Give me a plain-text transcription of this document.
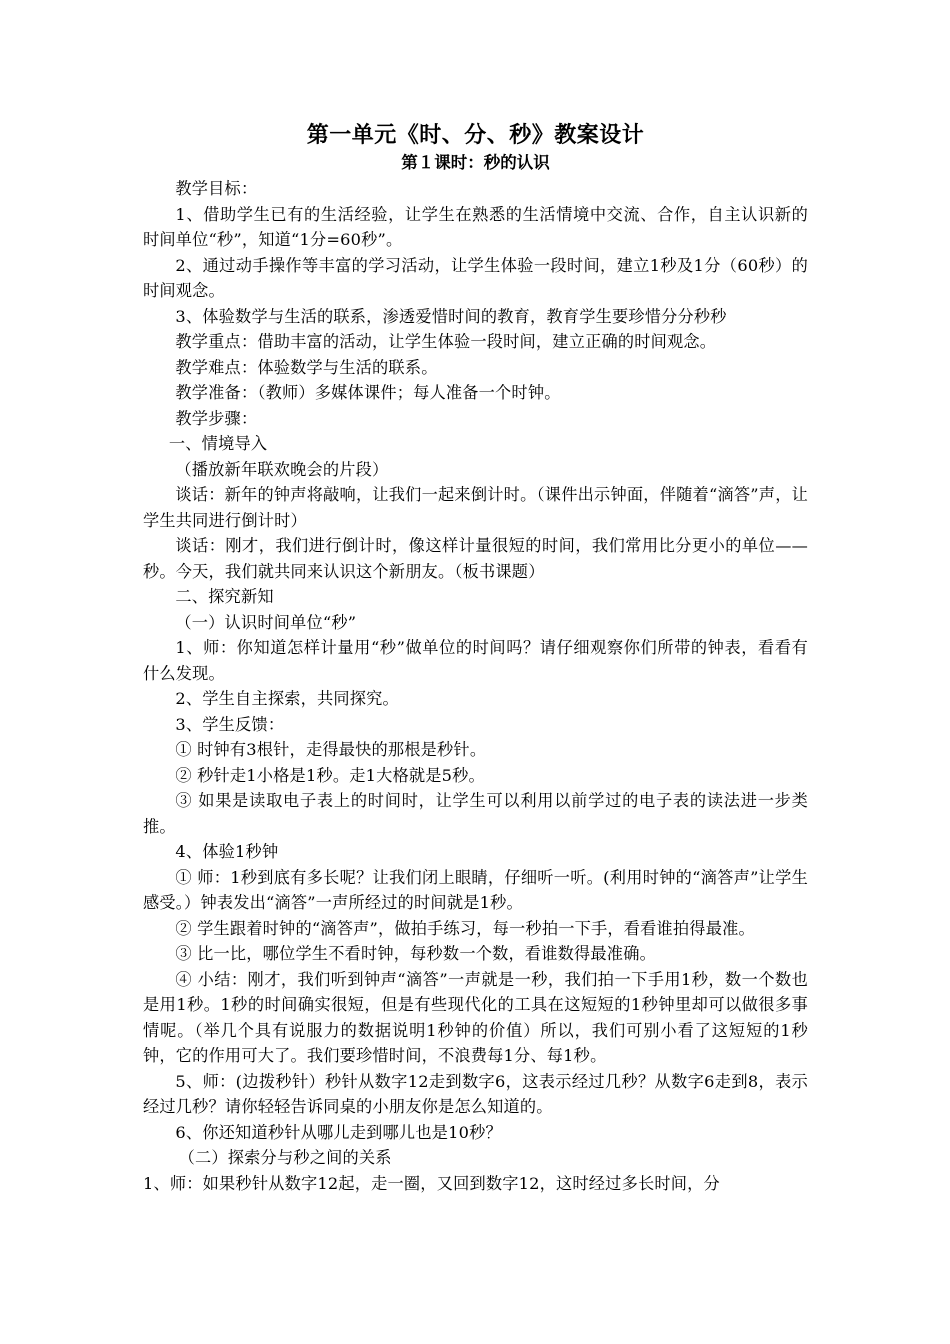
第一单元《时、分、秒》教案设计
第１课时：秒的认识

教学目标：

1、借助学生已有的生活经验，让学生在熟悉的生活情境中交流、合作，自主认识新的时间单位“秒”，知道“1分=60秒”。

2、通过动手操作等丰富的学习活动，让学生体验一段时间，建立1秒及1分（60秒）的时间观念。

3、体验数学与生活的联系，渗透爱惜时间的教育，教育学生要珍惜分分秒秒

教学重点：借助丰富的活动，让学生体验一段时间，建立正确的时间观念。

教学难点：体验数学与生活的联系。

教学准备：（教师）多媒体课件；每人准备一个时钟。

教学步骤：

一、情境导入

（播放新年联欢晚会的片段）

谈话：新年的钟声将敲响，让我们一起来倒计时。（课件出示钟面，伴随着“滴答”声，让学生共同进行倒计时）

谈话：刚才，我们进行倒计时，像这样计量很短的时间，我们常用比分更小的单位——秒。今天，我们就共同来认识这个新朋友。（板书课题）

二、探究新知

（一）认识时间单位“秒”

1、师：你知道怎样计量用“秒”做单位的时间吗？请仔细观察你们所带的钟表，看看有什么发现。

2、学生自主探索，共同探究。

3、学生反馈：

① 时钟有3根针，走得最快的那根是秒针。

② 秒针走1小格是1秒。走1大格就是5秒。

③ 如果是读取电子表上的时间时，让学生可以利用以前学过的电子表的读法进一步类推。

4、体验1秒钟

① 师：1秒到底有多长呢？让我们闭上眼睛，仔细听一听。(利用时钟的“滴答声”让学生感受。）钟表发出“滴答”一声所经过的时间就是1秒。

② 学生跟着时钟的“滴答声”，做拍手练习，每一秒拍一下手，看看谁拍得最准。

③ 比一比，哪位学生不看时钟，每秒数一个数，看谁数得最准确。

④ 小结：刚才，我们听到钟声“滴答”一声就是一秒，我们拍一下手用1秒，数一个数也是用1秒。1秒的时间确实很短，但是有些现代化的工具在这短短的1秒钟里却可以做很多事情呢。（举几个具有说服力的数据说明1秒钟的价值）所以，我们可别小看了这短短的1秒钟，它的作用可大了。我们要珍惜时间，不浪费每1分、每1秒。

5、师：(边拨秒针）秒针从数字12走到数字6，这表示经过几秒？从数字6走到8，表示经过几秒？请你轻轻告诉同桌的小朋友你是怎么知道的。

6、你还知道秒针从哪儿走到哪儿也是10秒？

（二）探索分与秒之间的关系

1、师：如果秒针从数字12起，走一圈，又回到数字12，这时经过多长时间，分
